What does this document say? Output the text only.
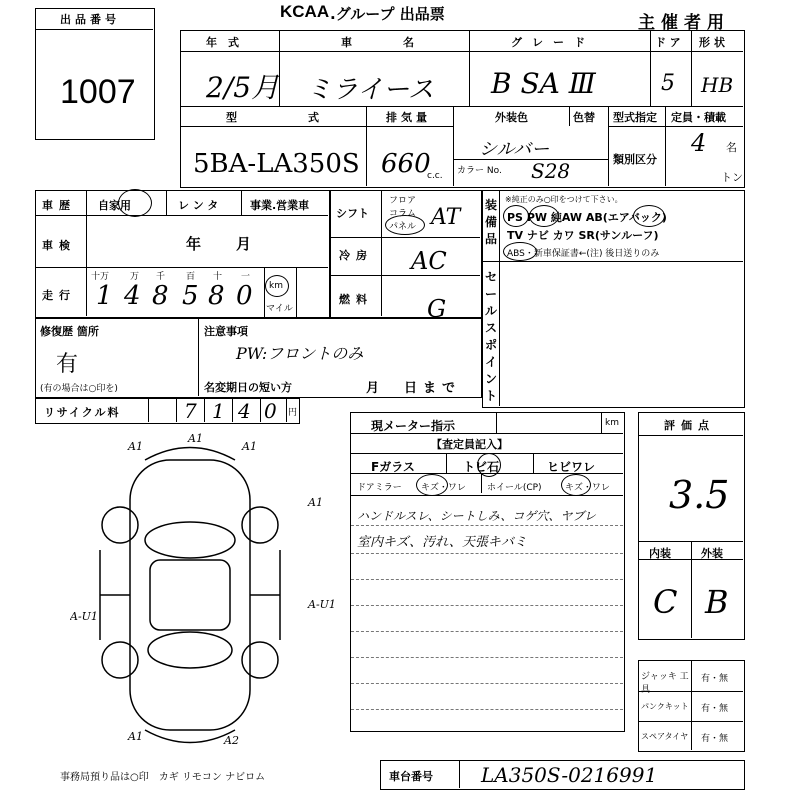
出品番号
1007
KCAA .グループ 出品票	主催者用
年　式	車　名	グレード	ドア 形状
2/5月 ミライース B SA Ⅲ	5 HB
型　式
5BA-LA350S
排気量
660
c.c.
外装色	色替
シルバー
カラー No. S28
型式指定
類別区分
定員・積載
4 名
トン
車歴 自家用	レンタ	事業.営業車
車検	年　月
走行
十万 万 千 百 十 一
1 4 8 5 8 0 km
マイル
シフト
フロア
コラム
パネル AT
冷房 AC
燃料 G
装備品
※純正のみ○印をつけて下さい。
PS PW 純AW AB(エアバック)
TV ナビ カワ SR(サンルーフ)
ABS・新車保証書←(注) 後日送りのみ
セールスポイント
修復歴 箇所
有
(有の場合は○印を)
注意事項
PW:フロントのみ
名変期日の短い方	月　日まで
リサイクル料	7 1 4 0 円
A1
A1
A1
A1
A-U1
A-U1
A1	A2
現メーター指示	km
【査定員記入】
Fガラス	トビ石	ヒビワレ
ドアミラー キズ・ワレ ホイール(CP)	キズ・ワレ
ハンドルスレ、シートしみ、コゲ穴、ヤブレ
室内キズ、汚れ、天張キバミ
評価点
3.5
内装	外装
C B
ジャッキ 工具
有・無
パンクキット 有・無
スペアタイヤ 有・無
事務局預り品は○印　カギ リモコン ナビロム	車台番号 LA350S-0216991
